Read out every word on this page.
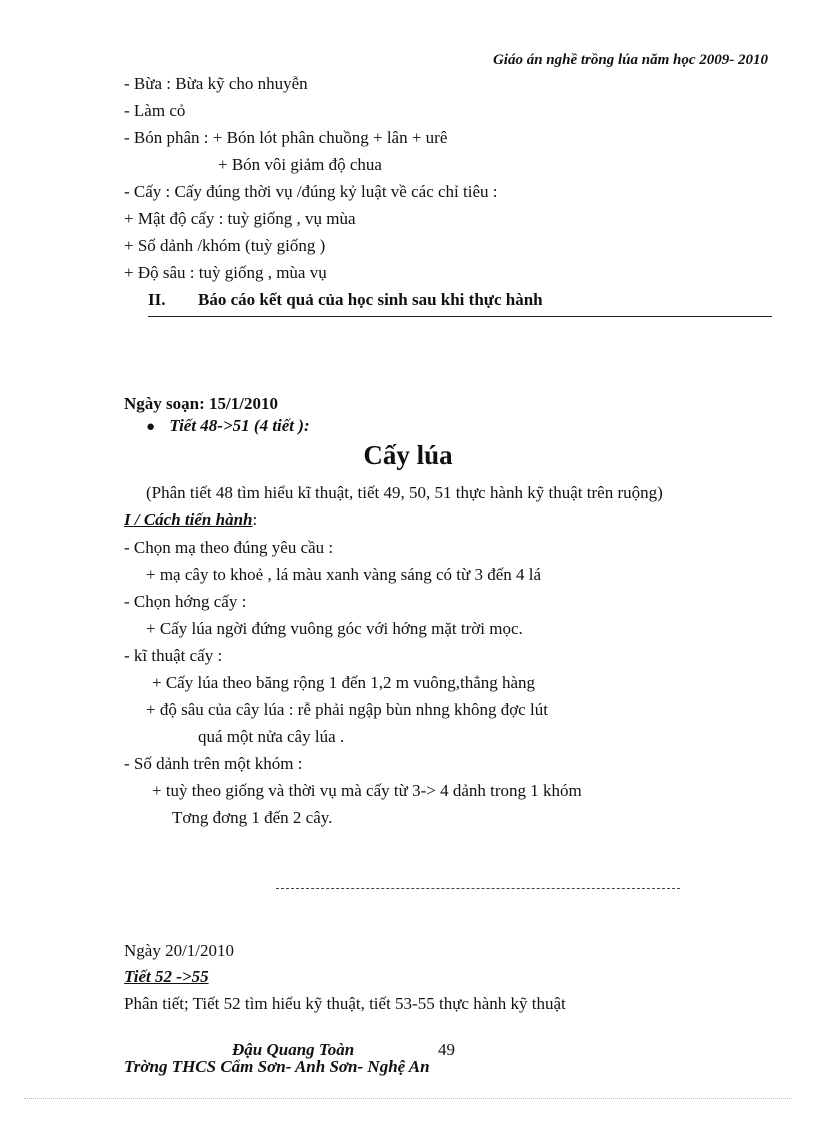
Giáo án nghề trồng lúa năm học 2009- 2010
- Bừa : Bừa kỹ cho nhuyễn
- Làm cỏ
- Bón phân : + Bón lót phân chuồng + lân + urê
+ Bón vôi giảm độ chua
- Cấy : Cấy đúng thời vụ /đúng kỷ luật về các chỉ tiêu :
+ Mật độ cấy : tuỳ giống , vụ mùa
+ Số dảnh /khóm (tuỳ giống )
+ Độ sâu : tuỳ giống , mùa vụ
II. Báo cáo kết quả của học sinh sau khi thực hành
Ngày soạn: 15/1/2010
● Tiết 48->51 (4 tiết ):
Cấy lúa
(Phân tiết 48 tìm hiểu kĩ thuật, tiết 49, 50, 51 thực hành kỹ thuật trên ruộng)
I / Cách tiến hành:
- Chọn mạ theo đúng yêu cầu :
+ mạ cây to khoẻ , lá màu xanh vàng sáng có từ 3 đến 4 lá
- Chọn hớng cấy :
+ Cấy lúa ngời đứng vuông góc với hớng mặt trời mọc.
- kĩ thuật cấy :
+ Cấy lúa theo băng rộng 1 đến 1,2 m vuông,thẳng hàng
+ độ sâu của cây lúa : rễ phải ngập bùn nhng không đợc lút
quá một nửa cây lúa .
- Số dảnh trên một khóm :
+ tuỳ theo giống và thời vụ mà cấy từ 3-> 4 dảnh trong 1 khóm
Tơng đơng 1 đến 2 cây.
Ngày 20/1/2010
Tiết 52 ->55
Phân tiết; Tiết 52 tìm hiểu kỹ thuật, tiết 53-55 thực hành kỹ thuật
Đậu Quang Toàn	49
Trờng THCS Cẩm Sơn- Anh Sơn- Nghệ An
